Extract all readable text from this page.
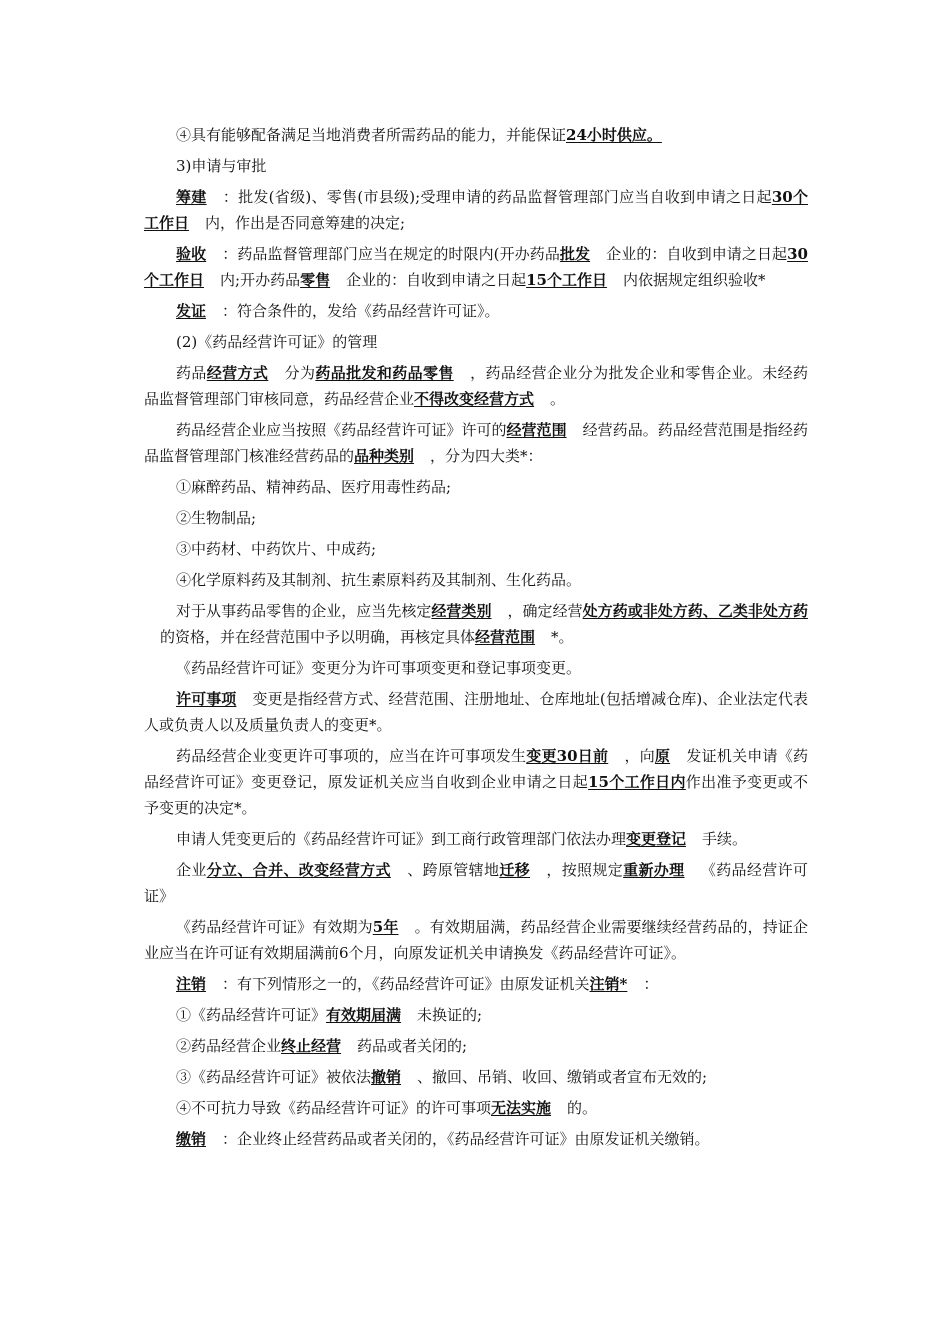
④具有能够配备满足当地消费者所需药品的能力，并能保证24小时供应。

3)申请与审批

筹建 ：批发(省级)、零售(市县级);受理申请的药品监督管理部门应当自收到申请之日起30个工作日 内，作出是否同意筹建的决定;

验收 ：药品监督管理部门应当在规定的时限内(开办药品批发 企业的：自收到申请之日起30个工作日 内;开办药品零售 企业的：自收到申请之日起15个工作日 内依据规定组织验收*

发证 ：符合条件的，发给《药品经营许可证》。

(2)《药品经营许可证》的管理

药品经营方式 分为药品批发和药品零售 ，药品经营企业分为批发企业和零售企业。未经药品监督管理部门审核同意，药品经营企业不得改变经营方式 。

药品经营企业应当按照《药品经营许可证》许可的经营范围 经营药品。药品经营范围是指经药品监督管理部门核准经营药品的品种类别 ，分为四大类*：

①麻醉药品、精神药品、医疗用毒性药品;

②生物制品;

③中药材、中药饮片、中成药;

④化学原料药及其制剂、抗生素原料药及其制剂、生化药品。

对于从事药品零售的企业，应当先核定经营类别 ，确定经营处方药或非处方药、乙类非处方药的资格，并在经营范围中予以明确，再核定具体经营范围 *。

《药品经营许可证》变更分为许可事项变更和登记事项变更。

许可事项 变更是指经营方式、经营范围、注册地址、仓库地址(包括增减仓库)、企业法定代表人或负责人以及质量负责人的变更*。

药品经营企业变更许可事项的，应当在许可事项发生变更30日前 ，向原 发证机关申请《药品经营许可证》变更登记，原发证机关应当自收到企业申请之日起15个工作日内作出准予变更或不予变更的决定*。

申请人凭变更后的《药品经营许可证》到工商行政管理部门依法办理变更登记 手续。

企业分立、合并、改变经营方式 、跨原管辖地迁移 ，按照规定重新办理 《药品经营许可证》

《药品经营许可证》有效期为5年 。有效期届满，药品经营企业需要继续经营药品的，持证企业应当在许可证有效期届满前6个月，向原发证机关申请换发《药品经营许可证》。

注销 ：有下列情形之一的，《药品经营许可证》由原发证机关注销* ：

①《药品经营许可证》有效期届满 未换证的;

②药品经营企业终止经营 药品或者关闭的;

③《药品经营许可证》被依法撤销 、撤回、吊销、收回、缴销或者宣布无效的;

④不可抗力导致《药品经营许可证》的许可事项无法实施 的。

缴销 ：企业终止经营药品或者关闭的，《药品经营许可证》由原发证机关缴销。
